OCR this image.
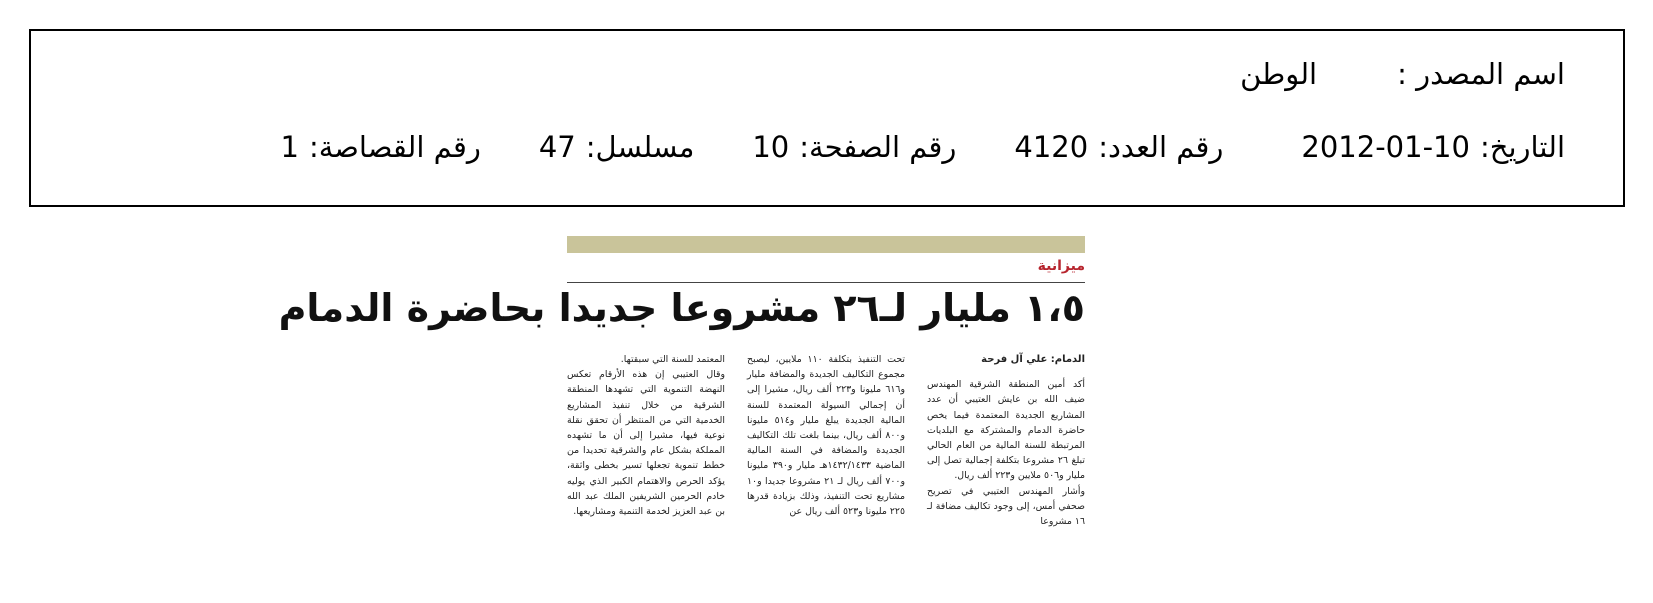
اسم المصدر :
الوطن
التاريخ:
2012-01-10
رقم العدد:
4120
رقم الصفحة:
10
مسلسل:
47
رقم القصاصة:
1
ميزانية
١،٥ مليار لـ٢٦ مشروعا جديدا بحاضرة الدمام
الدمام: علي آل فرحة

أكد أمين المنطقة الشرقية المهندس ضيف الله بن عايش العتيبي أن عدد المشاريع الجديدة المعتمدة فيما يخص حاضرة الدمام والمشتركة مع البلديات المرتبطة للسنة المالية من العام الحالي تبلغ ٢٦ مشروعا بتكلفة إجمالية تصل إلى مليار و٥٠٦ ملايين و٢٢٣ ألف ريال.

وأشار المهندس العتيبي في تصريح صحفي أمس، إلى وجود تكاليف مضافة لـ ١٦ مشروعا

تحت التنفيذ بتكلفة ١١٠ ملايين، ليصبح مجموع التكاليف الجديدة والمضافة مليار و٦١٦ مليونا و٢٢٣ ألف ريال، مشيرا إلى أن إجمالي السيولة المعتمدة للسنة المالية الجديدة يبلغ مليار و٥١٤ مليونا و٨٠٠ ألف ريال، بينما بلغت تلك التكاليف الجديدة والمضافة في السنة المالية الماضية ١٤٣٢/١٤٣٣هـ مليار و٣٩٠ مليونا و٧٠٠ ألف ريال لـ ٢١ مشروعا جديدا و١٠ مشاريع تحت التنفيذ، وذلك بزيادة قدرها ٢٢٥ مليونا و٥٢٣ ألف ريال عن

المعتمد للسنة التي سبقتها.

وقال العتيبي إن هذه الأرقام تعكس النهضة التنموية التي تشهدها المنطقة الشرقية من خلال تنفيذ المشاريع الخدمية التي من المنتظر أن تحقق نقلة نوعية فيها، مشيرا إلى أن ما تشهده المملكة بشكل عام والشرقية تحديدا من خطط تنموية تجعلها تسير بخطى واثقة، يؤكد الحرص والاهتمام الكبير الذي يوليه خادم الحرمين الشريفين الملك عبد الله بن عبد العزيز لخدمة التنمية ومشاريعها.
